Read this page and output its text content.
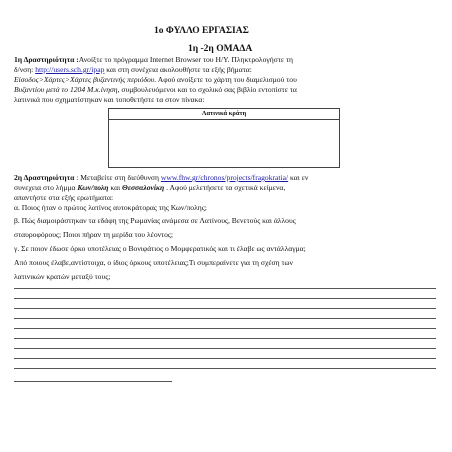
1ο ΦΥΛΛΟ ΕΡΓΑΣΙΑΣ
1η -2η ΟΜΑΔΑ
1η Δραστηριότητα :Ανοίξτε το πρόγραμμα Internet Browser του Η/Υ. Πληκτρολογήστε τη
δ/νση: http://users.sch.gr/ipap και στη συνέχεια ακολουθήστε τα εξής βήματα:
Είσοδος>Χάρτες>Χάρτες βυζαντινής περιόδου. Αφού ανοίξετε το χάρτη του διαμελισμού του
Βυζαντίου μετά το 1204 Μ.κ.ίνηση, συμβουλευόμενοι και το σχολικό σας βιβλίο εντοπίστε τα
λατινικά που σχηματίστηκαν και τοποθετήστε τα στον πίνακα:
Λατινικά κράτη
2η Δραστηριότητα : Μεταβείτε στη διεύθυνση www.fhw.gr/chronos/projects/fragokratia/ και εν
συνεχεια στο λήμμα Κων/πολη και Θεσσαλονίκη . Αφού μελετήσετε τα σχετικά κείμενα,
απαντήστε στα εξής ερωτήματα:
α. Ποιος ήταν ο πρώτος λατίνος αυτοκράτορας της Κων/πολης;
β. Πώς διαμοιράστηκαν τα εδάφη της Ρωμανίας ανάμεσα σε Λατίνους, Βενετούς και άλλους
σταυροφόρους; Ποιοι πήραν τη μερίδα του λέοντος;
γ. Σε ποιον έδωσε όρκο υποτέλειας ο Βονιφάτιος ο Μομφερατικός και τι έλαβε ως αντάλλαγμα;
Από ποιους έλαβε,αντίστοιχα, ο ίδιος όρκους υποτέλειας;Τι συμπεραίνετε για τη σχέση των
λατινικών κρατών μεταξύ τους;
